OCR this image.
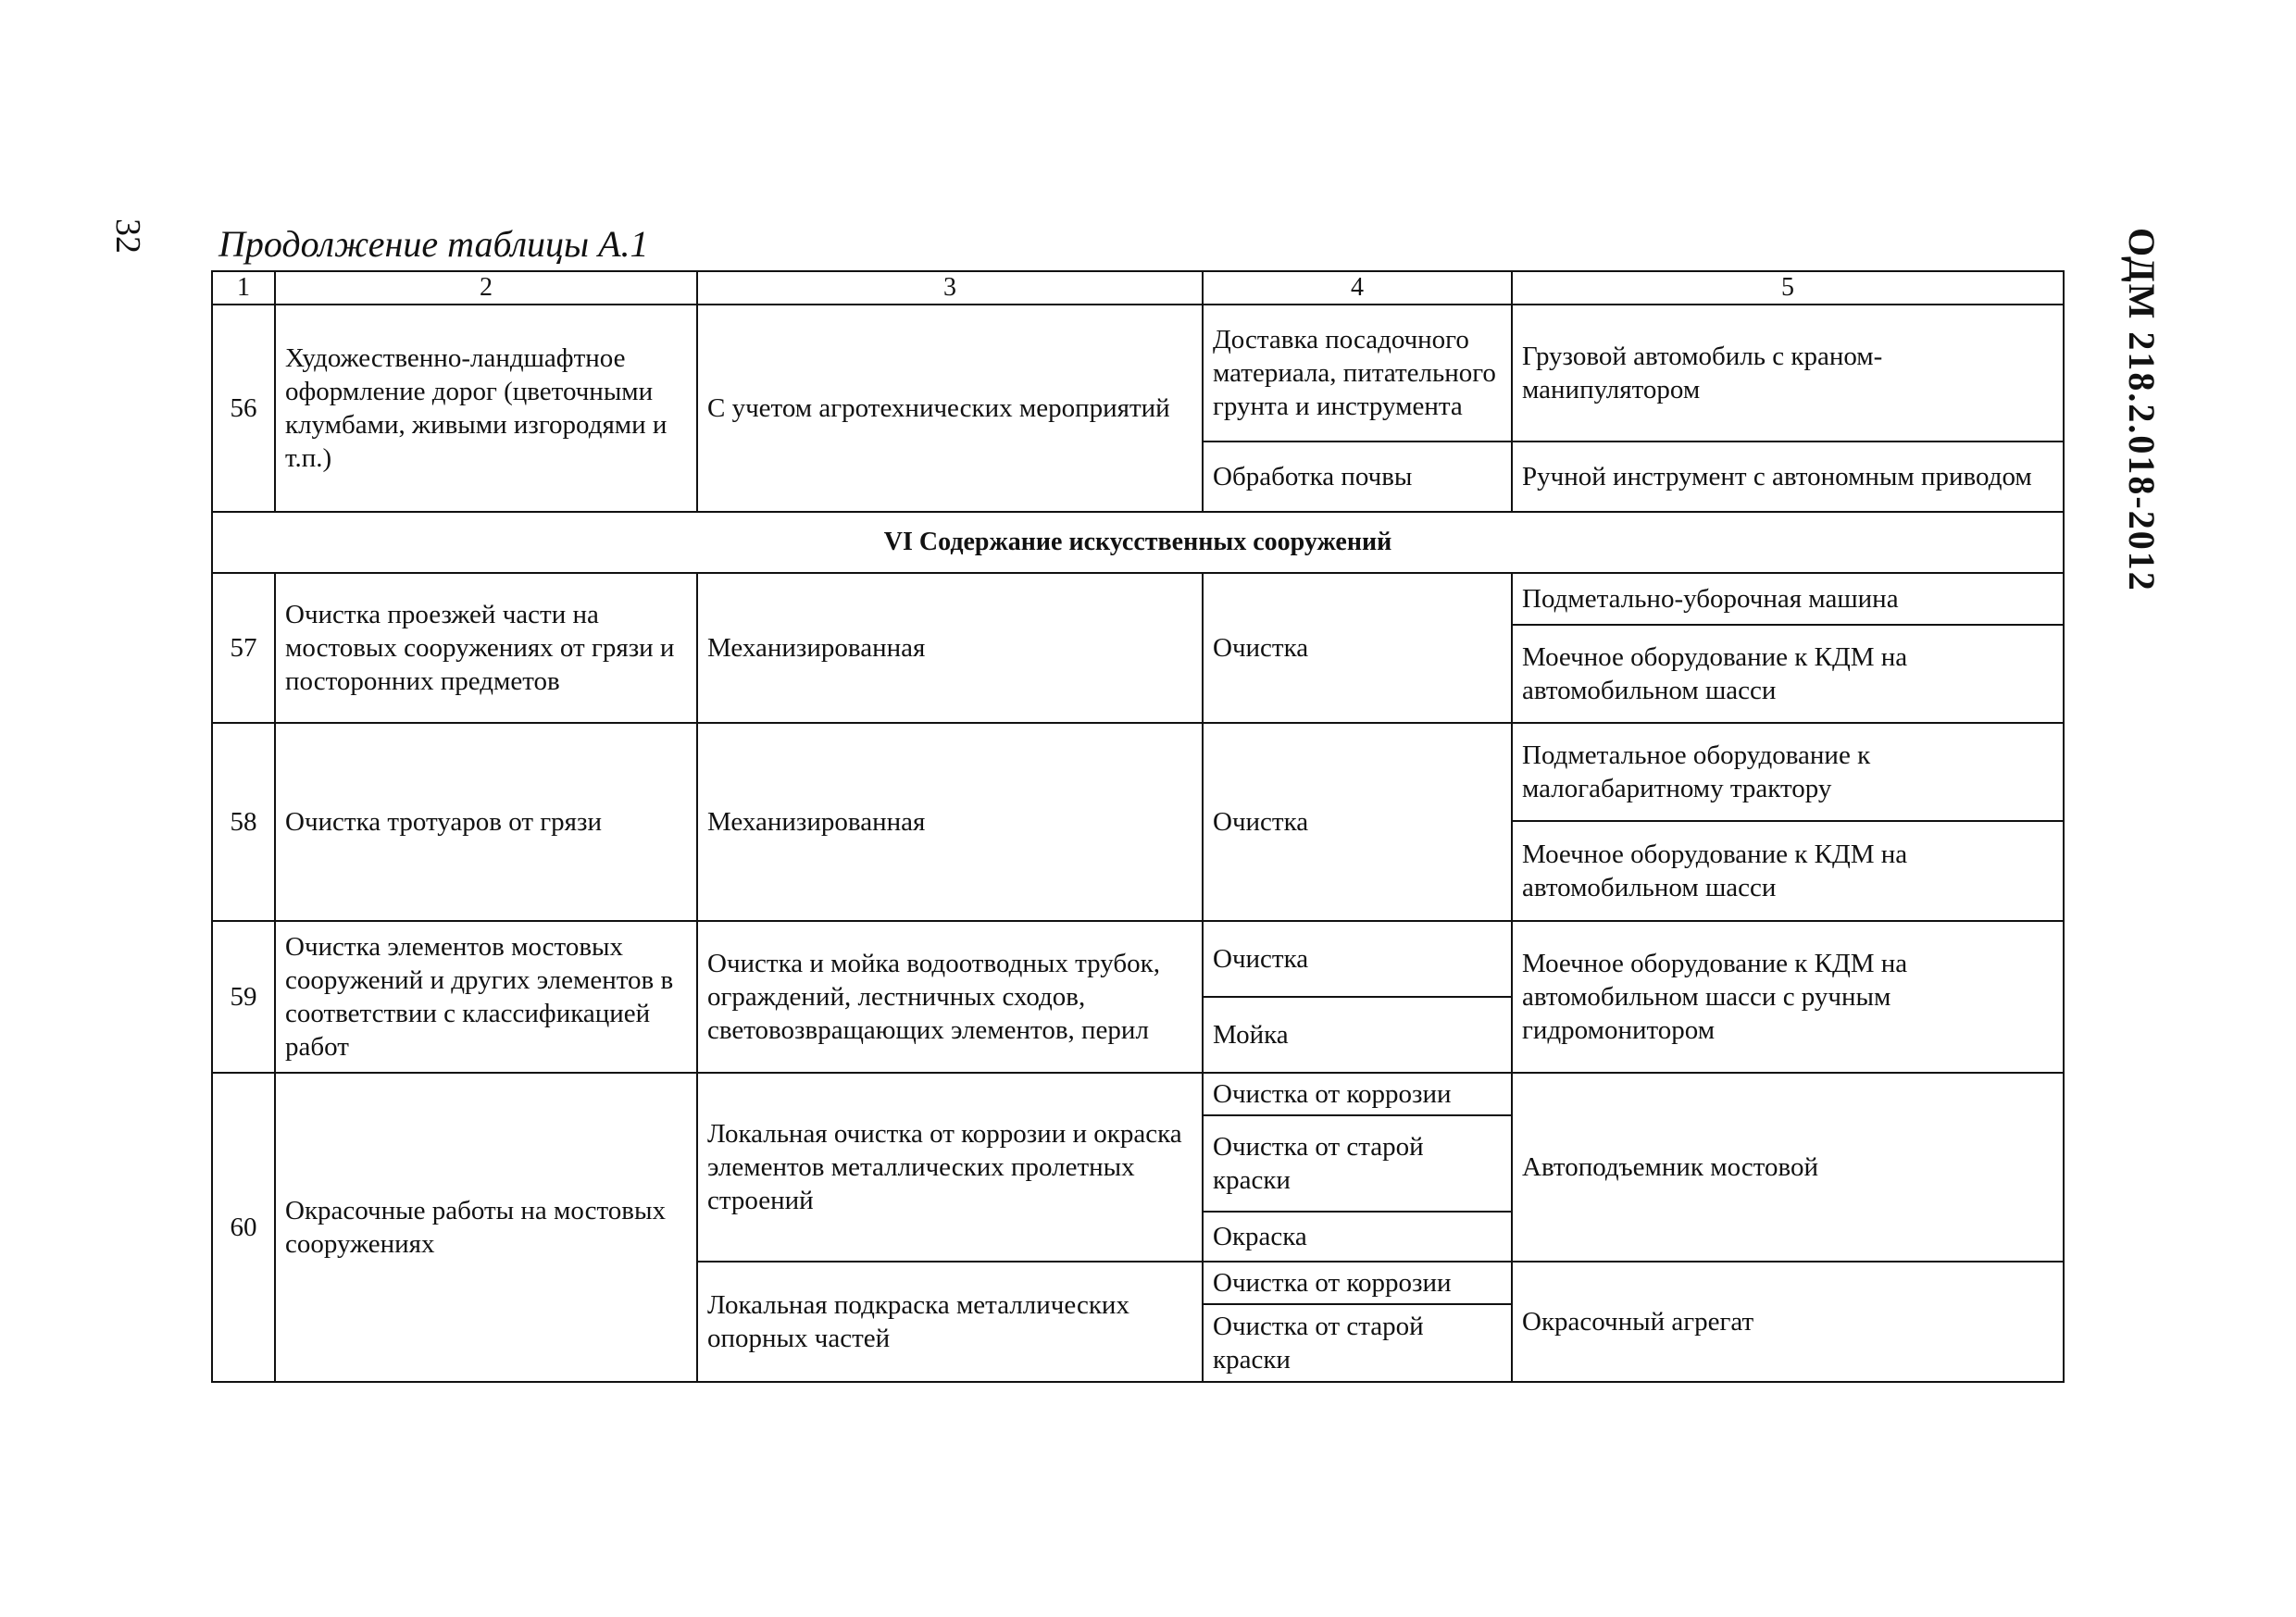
32 Продолжение таблицы А.1	ОДМ 218.2.018-2012
1	2	3	4	5
56	Художественно-ландшафтное оформление дорог (цветочными клумбами, живыми изгородями и т.п.)	С учетом агротехнических мероприятий	Доставка посадочного материала, питательного грунта и инструмента	Грузовой автомобиль с краном-манипулятором
			Обработка почвы	Ручной инструмент с автономным приводом
VI Содержание искусственных сооружений				
57	Очистка проезжей части на мостовых сооружениях от грязи и посторонних предметов	Механизированная	Очистка	Подметально-уборочная машина
				Моечное оборудование к КДМ на автомобильном шасси
58	Очистка тротуаров от грязи	Механизированная	Очистка	Подметальное оборудование к малогабаритному трактору
				Моечное оборудование к КДМ на автомобильном шасси
59	Очистка элементов мостовых сооружений и других элементов в соответствии с классификацией работ	Очистка и мойка водоотводных трубок, ограждений, лестничных сходов, световозвращающих элементов, перил	Очистка	Моечное оборудование к КДМ на автомобильном шасси с ручным гидромонитором
			Мойка	
60	Окрасочные работы на мостовых сооружениях	Локальная очистка от коррозии и окраска элементов металлических пролетных строений	Очистка от коррозии	Автоподъемник мостовой
			Очистка от старой краски	
			Окраска	
		Локальная подкраска металлических опорных частей	Очистка от коррозии	Окрасочный агрегат
			Очистка от старой краски	
